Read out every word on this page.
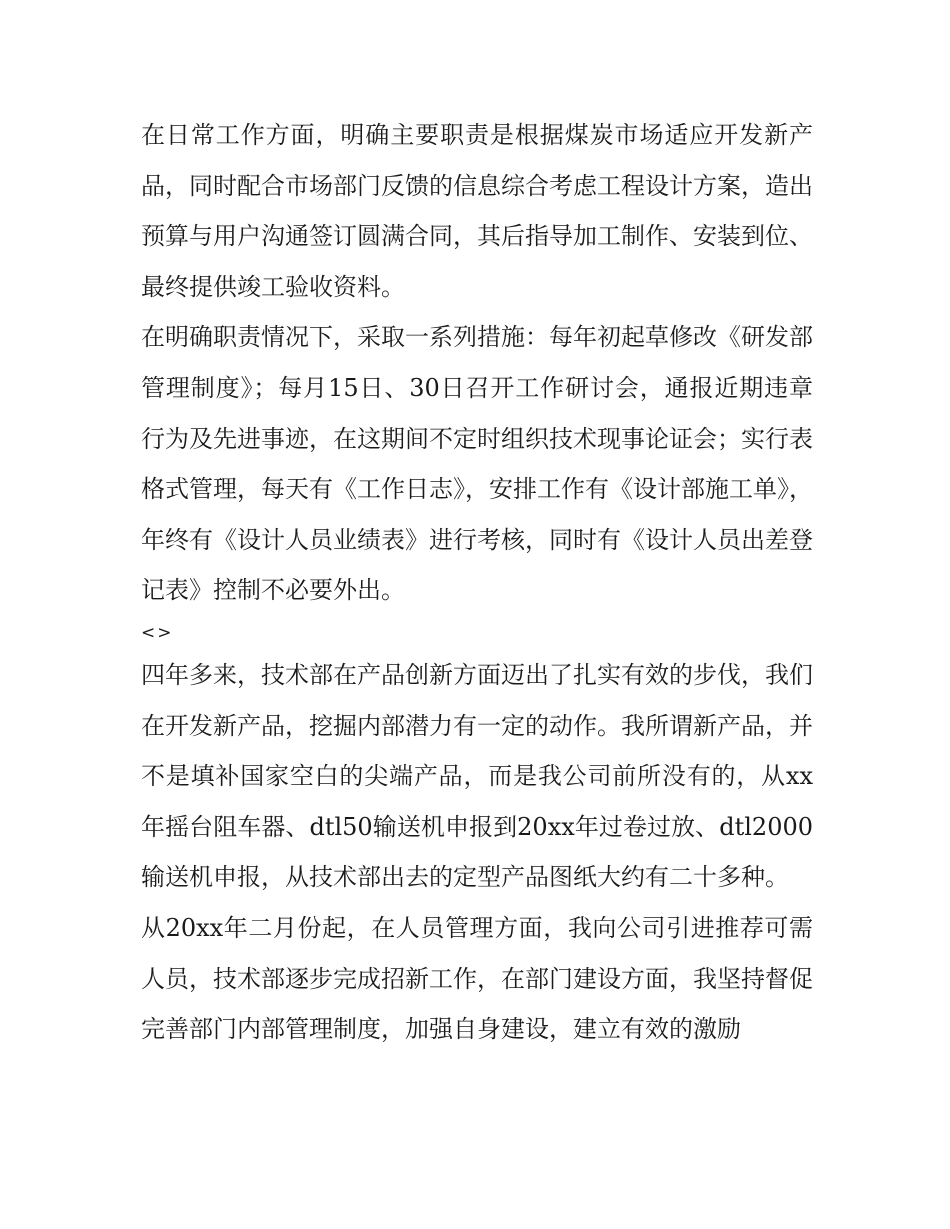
在日常工作方面，明确主要职责是根据煤炭市场适应开发新产品，同时配合市场部门反馈的信息综合考虑工程设计方案，造出预算与用户沟通签订圆满合同，其后指导加工制作、安装到位、最终提供竣工验收资料。

在明确职责情况下，采取一系列措施：每年初起草修改《研发部管理制度》；每月15日、30日召开工作研讨会，通报近期违章行为及先进事迹，在这期间不定时组织技术现事论证会；实行表格式管理，每天有《工作日志》，安排工作有《设计部施工单》，年终有《设计人员业绩表》进行考核，同时有《设计人员出差登记表》控制不必要外出。

<>

四年多来，技术部在产品创新方面迈出了扎实有效的步伐，我们在开发新产品，挖掘内部潜力有一定的动作。我所谓新产品，并不是填补国家空白的尖端产品，而是我公司前所没有的，从xx年摇台阻车器、dtl50输送机申报到20xx年过卷过放、dtl2000输送机申报，从技术部出去的定型产品图纸大约有二十多种。

从20xx年二月份起，在人员管理方面，我向公司引进推荐可需人员，技术部逐步完成招新工作，在部门建设方面，我坚持督促完善部门内部管理制度，加强自身建设，建立有效的激励
